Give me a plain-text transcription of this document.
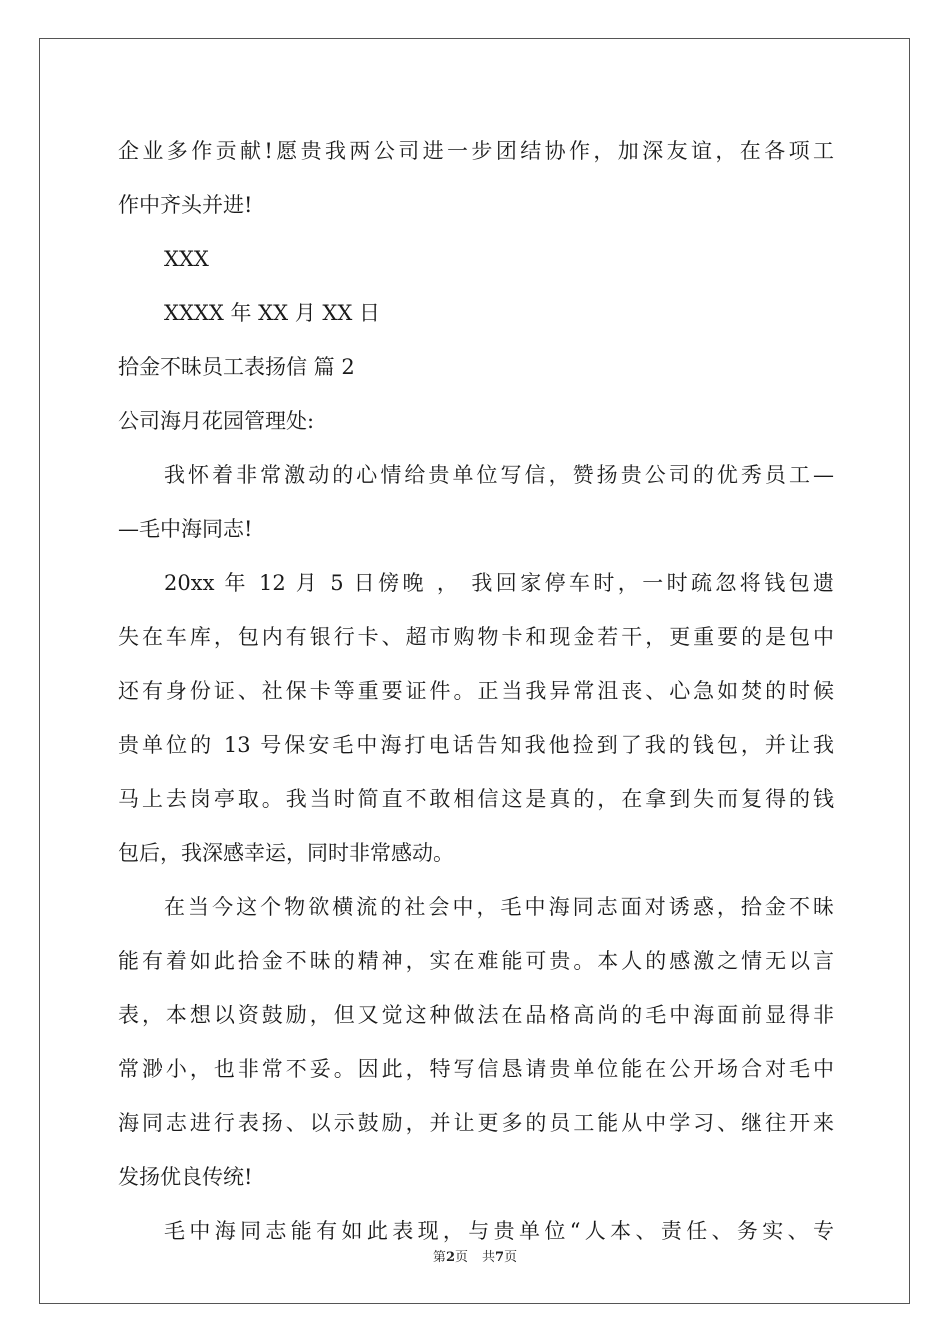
企业多作贡献!愿贵我两公司进一步团结协作，加深友谊，在各项工
作中齐头并进!
XXX
XXXX 年 XX 月 XX 日
拾金不昧员工表扬信 篇 2
公司海月花园管理处:
我怀着非常激动的心情给贵单位写信，赞扬贵公司的优秀员工—
—毛中海同志!
20xx 年 12 月 5 日傍晚 ， 我回家停车时，一时疏忽将钱包遗
失在车库，包内有银行卡、超市购物卡和现金若干，更重要的是包中
还有身份证、社保卡等重要证件。正当我异常沮丧、心急如焚的时候
贵单位的 13 号保安毛中海打电话告知我他捡到了我的钱包，并让我
马上去岗亭取。我当时简直不敢相信这是真的，在拿到失而复得的钱
包后，我深感幸运，同时非常感动。
在当今这个物欲横流的社会中，毛中海同志面对诱惑，拾金不昧
能有着如此拾金不昧的精神，实在难能可贵。本人的感激之情无以言
表，本想以资鼓励，但又觉这种做法在品格高尚的毛中海面前显得非
常渺小，也非常不妥。因此，特写信恳请贵单位能在公开场合对毛中
海同志进行表扬、以示鼓励，并让更多的员工能从中学习、继往开来
发扬优良传统!
毛中海同志能有如此表现，与贵单位“人本、责任、务实、专
第2页 共7页
